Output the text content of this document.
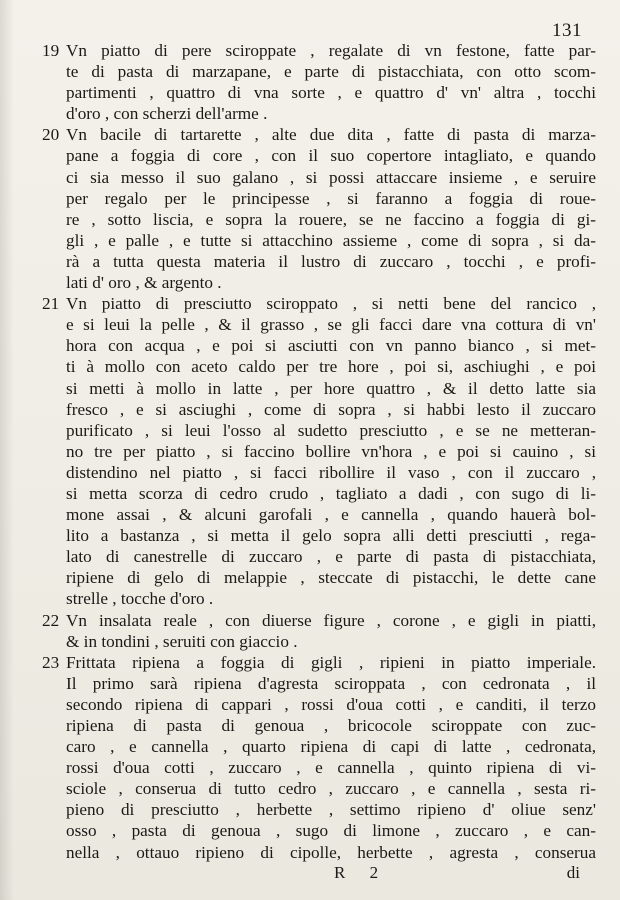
131
19 Vn piatto di pere sciroppate , regalate di vn festone, fatte par-
te di pasta di marzapane, e parte di pistacchiata, con otto scom-
partimenti , quattro di vna sorte , e quattro d' vn' altra , tocchi
d'oro , con scherzi dell'arme .
20 Vn bacile di tartarette , alte due dita , fatte di pasta di marza-
pane a foggia di core , con il suo copertore intagliato, e quando
ci sia messo il suo galano , si possi attaccare insieme , e seruire
per regalo per le principesse , si faranno a foggia di roue-
re , sotto liscia, e sopra la rouere, se ne faccino a foggia di gi-
gli , e palle , e tutte si attacchino assieme , come di sopra , si da-
rà a tutta questa materia il lustro di zuccaro , tocchi , e profi-
lati d' oro , & argento .
21 Vn piatto di presciutto sciroppato , si netti bene del rancico ,
e si leui la pelle , & il grasso , se gli facci dare vna cottura di vn'
hora con acqua , e poi si asciutti con vn panno bianco , si met-
ti à mollo con aceto caldo per tre hore , poi si, aschiughi , e poi
si metti à mollo in latte , per hore quattro , & il detto latte sia
fresco , e si asciughi , come di sopra , si habbi lesto il zuccaro
purificato , si leui l'osso al sudetto presciutto , e se ne metteran-
no tre per piatto , si faccino bollire vn'hora , e poi si cauino , si
distendino nel piatto , si facci ribollire il vaso , con il zuccaro ,
si metta scorza di cedro crudo , tagliato a dadi , con sugo di li-
mone assai , & alcuni garofali , e cannella , quando hauerà bol-
lito a bastanza , si metta il gelo sopra alli detti presciutti , rega-
lato di canestrelle di zuccaro , e parte di pasta di pistacchiata,
ripiene di gelo di melappie , steccate di pistacchi, le dette cane
strelle , tocche d'oro .
22 Vn insalata reale , con diuerse figure , corone , e gigli in piatti,
& in tondini , seruiti con giaccio .
23 Frittata ripiena a foggia di gigli , ripieni in piatto imperiale.
Il primo sarà ripiena d'agresta sciroppata , con cedronata , il
secondo ripiena di cappari , rossi d'oua cotti , e canditi, il terzo
ripiena di pasta di genoua , bricocole sciroppate con zuc-
caro , e cannella , quarto ripiena di capi di latte , cedronata,
rossi d'oua cotti , zuccaro , e cannella , quinto ripiena di vi-
sciole , conserua di tutto cedro , zuccaro , e cannella , sesta ri-
pieno di presciutto , herbette , settimo ripieno d' oliue senz'
osso , pasta di genoua , sugo di limone , zuccaro , e can-
nella , ottauo ripieno di cipolle, herbette , agresta , conserua
R 2	di
